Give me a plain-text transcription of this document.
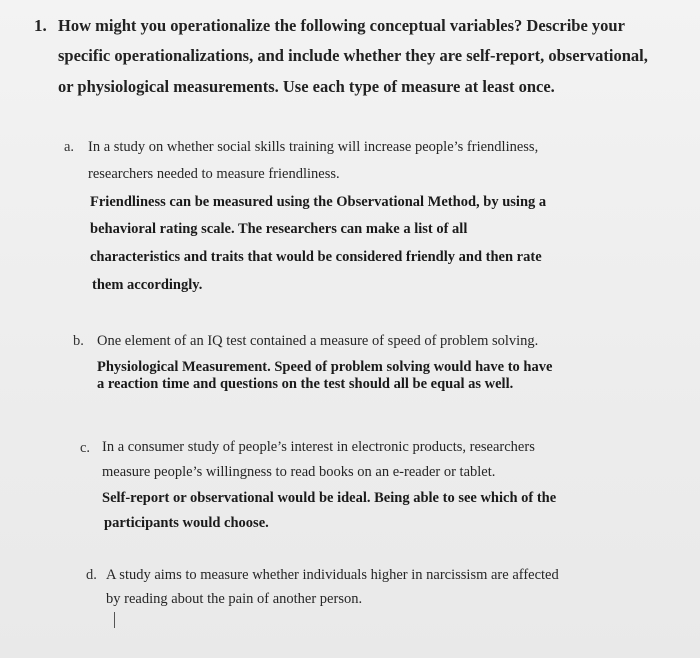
1. How might you operationalize the following conceptual variables? Describe your
specific operationalizations, and include whether they are self-report, observational,
or physiological measurements. Use each type of measure at least once.
a. In a study on whether social skills training will increase people’s friendliness,
researchers needed to measure friendliness.
Friendliness can be measured using the Observational Method, by using a
behavioral rating scale. The researchers can make a list of all
characteristics and traits that would be considered friendly and then rate
them accordingly.
b. One element of an IQ test contained a measure of speed of problem solving.
Physiological Measurement. Speed of problem solving would have to have
a reaction time and questions on the test should all be equal as well.
c. In a consumer study of people’s interest in electronic products, researchers
measure people’s willingness to read books on an e-reader or tablet.
Self-report or observational would be ideal. Being able to see which of the
participants would choose.
d. A study aims to measure whether individuals higher in narcissism are affected
by reading about the pain of another person.
